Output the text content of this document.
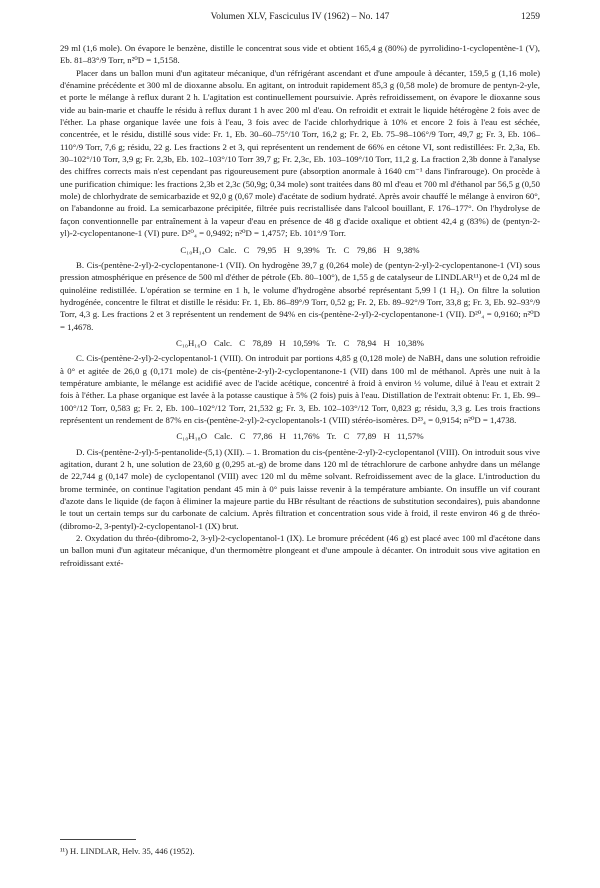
Volumen XLV, Fasciculus IV (1962) – No. 147	1259

29 ml (1,6 mole). On évapore le benzène, distille le concentrat sous vide et obtient 165,4 g (80%) de pyrrolidino-1-cyclopentène-1 (V), Eb. 81–83°/9 Torr, n²⁰D = 1,5158.

Placer dans un ballon muni d'un agitateur mécanique, d'un réfrigérant ascendant et d'une ampoule à décanter, 159,5 g (1,16 mole) d'énamine précédente et 300 ml de dioxanne absolu. En agitant, on introduit rapidement 85,3 g (0,58 mole) de bromure de pentyn-2-yle, et porte le mélange à reflux durant 2 h. L'agitation est continuellement poursuivie. Après refroidissement, on évapore le dioxanne sous vide au bain-marie et chauffe le résidu à reflux durant 1 h avec 200 ml d'eau. On refroidit et extrait le liquide hétérogène 2 fois avec de l'éther. La phase organique lavée une fois à l'eau, 3 fois avec de l'acide chlorhydrique à 10% et encore 2 fois à l'eau est séchée, concentrée, et le résidu, distillé sous vide: Fr. 1, Eb. 30–60–75°/10 Torr, 16,2 g; Fr. 2, Eb. 75–98–106°/9 Torr, 49,7 g; Fr. 3, Eb. 106–110°/9 Torr, 7,6 g; résidu, 22 g. Les fractions 2 et 3, qui représentent un rendement de 66% en cétone VI, sont redistillées: Fr. 2,3a, Eb. 30–102°/10 Torr, 3,9 g; Fr. 2,3b, Eb. 102–103°/10 Torr 39,7 g; Fr. 2,3c, Eb. 103–109°/10 Torr, 11,2 g. La fraction 2,3b donne à l'analyse des chiffres corrects mais n'est cependant pas rigoureusement pure (absorption anormale à 1640 cm⁻¹ dans l'infrarouge). On procède à une purification chimique: les fractions 2,3b et 2,3c (50,9g; 0,34 mole) sont traitées dans 80 ml d'eau et 700 ml d'éthanol par 56,5 g (0,50 mole) de chlorhydrate de semicarbazide et 92,0 g (0,67 mole) d'acétate de sodium hydraté. Après avoir chauffé le mélange à environ 60°, on l'abandonne au froid. La semicarbazone précipitée, filtrée puis recristallisée dans l'alcool bouillant, F. 176–177°. On l'hydrolyse de façon conventionnelle par entraînement à la vapeur d'eau en présence de 48 g d'acide oxalique et obtient 42,4 g (83%) de (pentyn-2-yl)-2-cyclopentanone-1 (VI) pure. D²⁰₄ = 0,9492; n²⁰D = 1,4757; Eb. 101°/9 Torr.

C₁₀H₁₄O Calc. C 79,95 H 9,39% Tr. C 79,86 H 9,38%

B. Cis-(pentène-2-yl)-2-cyclopentanone-1 (VII). On hydrogène 39,7 g (0,264 mole) de (pentyn-2-yl)-2-cyclopentanone-1 (VI) sous pression atmosphérique en présence de 500 ml d'éther de pétrole (Eb. 80–100°), de 1,55 g de catalyseur de LINDLAR¹¹) et de 0,24 ml de quinoléine redistillée. L'opération se termine en 1 h, le volume d'hydrogène absorbé représentant 5,99 l (1 H₂). On filtre la solution hydrogénée, concentre le filtrat et distille le résidu: Fr. 1, Eb. 86–89°/9 Torr, 0,52 g; Fr. 2, Eb. 89–92°/9 Torr, 33,8 g; Fr. 3, Eb. 92–93°/9 Torr, 4,3 g. Les fractions 2 et 3 représentent un rendement de 94% en cis-(pentène-2-yl)-2-cyclopentanone-1 (VII). D²⁰₄ = 0,9160; n²⁰D = 1,4678.

C₁₀H₁₆O Calc. C 78,89 H 10,59% Tr. C 78,94 H 10,38%

C. Cis-(pentène-2-yl)-2-cyclopentanol-1 (VIII). On introduit par portions 4,85 g (0,128 mole) de NaBH₄ dans une solution refroidie à 0° et agitée de 26,0 g (0,171 mole) de cis-(pentène-2-yl)-2-cyclopentanone-1 (VII) dans 100 ml de méthanol. Après une nuit à la température ambiante, le mélange est acidifié avec de l'acide acétique, concentré à froid à environ ½ volume, dilué à l'eau et extrait 2 fois à l'éther. La phase organique est lavée à la potasse caustique à 5% (2 fois) puis à l'eau. Distillation de l'extrait obtenu: Fr. 1, Eb. 99–100°/12 Torr, 0,583 g; Fr. 2, Eb. 100–102°/12 Torr, 21,532 g; Fr. 3, Eb. 102–103°/12 Torr, 0,823 g; résidu, 3,3 g. Les trois fractions représentent un rendement de 87% en cis-(pentène-2-yl)-2-cyclopentanols-1 (VIII) stéréo-isomères. D²³₄ = 0,9154; n²⁰D = 1,4738.

C₁₀H₁₈O Calc. C 77,86 H 11,76% Tr. C 77,89 H 11,57%

D. Cis-(pentène-2-yl)-5-pentanolide-(5,1) (XII). – 1. Bromation du cis-(pentène-2-yl)-2-cyclopentanol (VIII). On introduit sous vive agitation, durant 2 h, une solution de 23,60 g (0,295 at.-g) de brome dans 120 ml de tétrachlorure de carbone anhydre dans un mélange de 22,744 g (0,147 mole) de cyclopentanol (VIII) avec 120 ml du même solvant. Refroidissement avec de la glace. L'introduction du brome terminée, on continue l'agitation pendant 45 min à 0° puis laisse revenir à la température ambiante. On insuffle un vif courant d'azote dans le liquide (de façon à éliminer la majeure partie du HBr résultant de réactions de substitution secondaires), puis abandonne le tout un certain temps sur du carbonate de calcium. Après filtration et concentration sous vide à froid, il reste environ 46 g de thréo-(dibromo-2, 3-pentyl)-2-cyclopentanol-1 (IX) brut.

2. Oxydation du thréo-(dibromo-2, 3-yl)-2-cyclopentanol-1 (IX). Le bromure précédent (46 g) est placé avec 100 ml d'acétone dans un ballon muni d'un agitateur mécanique, d'un thermomètre plongeant et d'une ampoule à décanter. On introduit sous vive agitation en refroidissant exté-

¹¹) H. LINDLAR, Helv. 35, 446 (1952).
